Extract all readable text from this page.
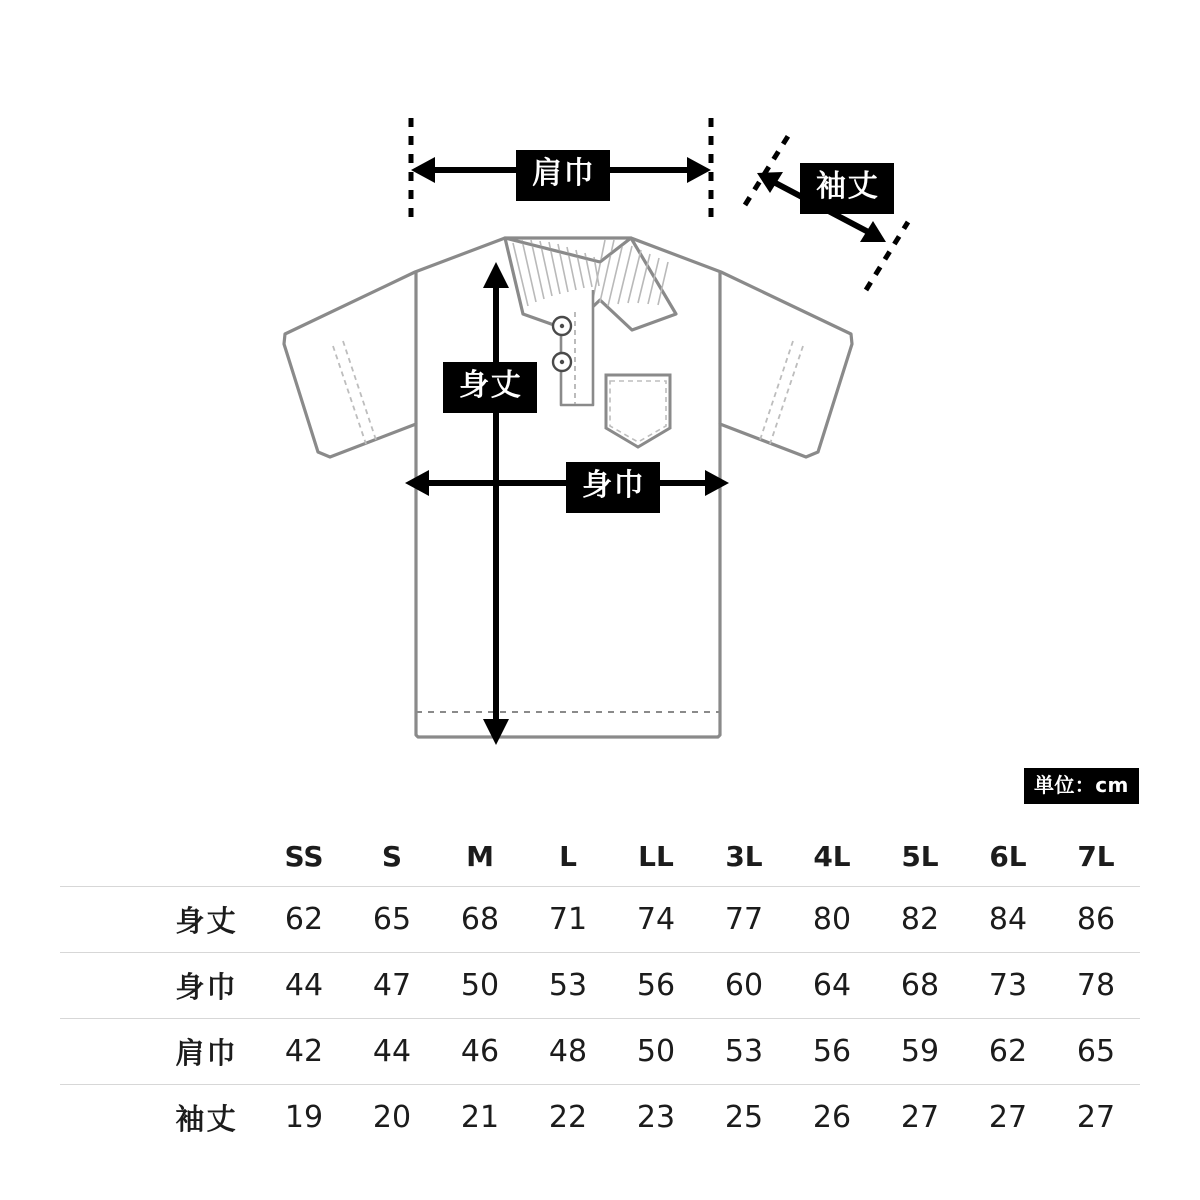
肩巾	袖丈
身丈
身巾
単位：cm
	SS	S	M	L	LL	3L	4L	5L	6L	7L
身丈	62	65	68	71	74	77	80	82	84	86
身巾	44	47	50	53	56	60	64	68	73	78
肩巾	42	44	46	48	50	53	56	59	62	65
袖丈	19	20	21	22	23	25	26	27	27	27
